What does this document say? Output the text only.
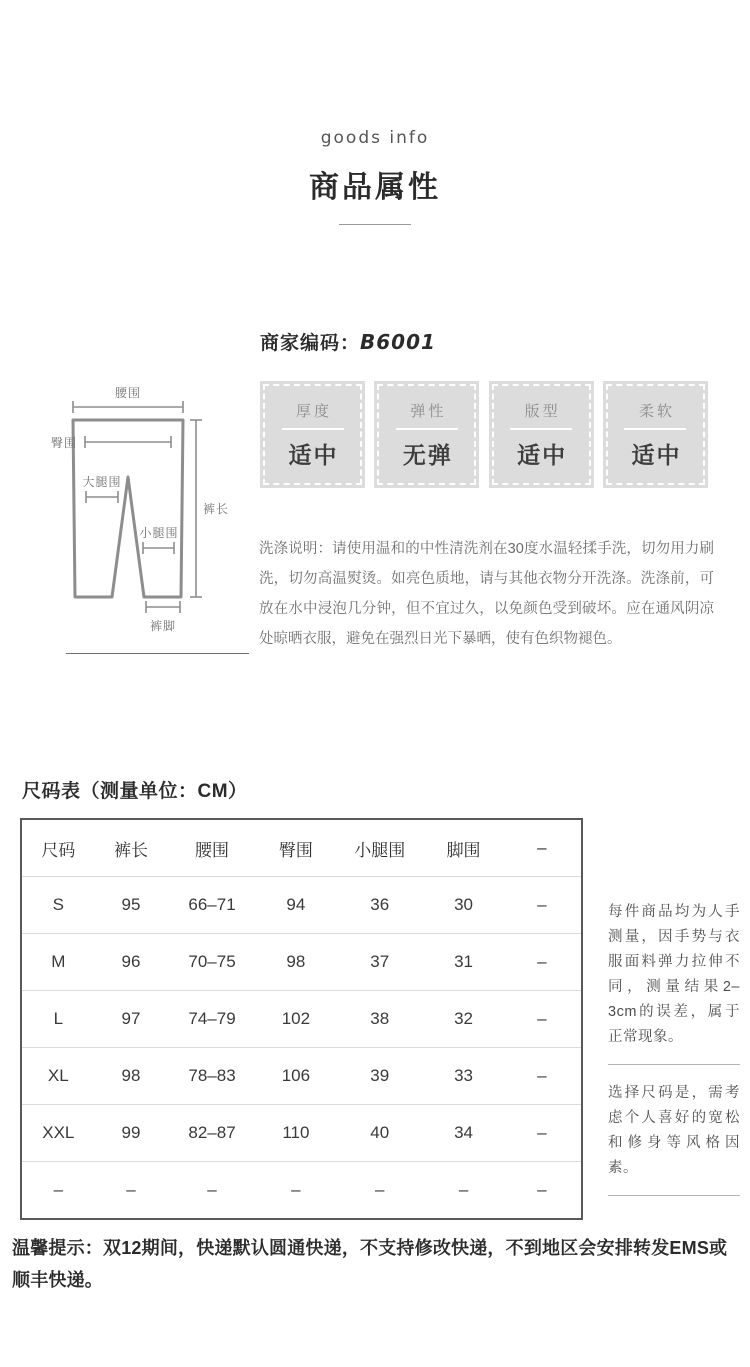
goods info
商品属性
商家编码：B6001
厚度
适中
弹性
无弹
版型
适中
柔软
适中
洗涤说明：请使用温和的中性清洗剂在30度水温轻揉手洗，切勿用力刷洗，切勿高温熨烫。如亮色质地，请与其他衣物分开洗涤。洗涤前，可放在水中浸泡几分钟，但不宜过久，以免颜色受到破坏。应在通风阴凉处晾晒衣服，避免在强烈日光下暴晒，使有色织物褪色。
腰围
臀围
大腿围
小腿围
裤长
裤脚
尺码表（测量单位：CM）
尺码	裤长	腰围	臀围	小腿围	脚围	–
S	95	66–71	94	36	30	–
M	96	70–75	98	37	31	–
L	97	74–79	102	38	32	–
XL	98	78–83	106	39	33	–
XXL	99	82–87	110	40	34	–
–	–	–	–	–	–	–
每件商品均为人手测量，因手势与衣服面料弹力拉伸不同，测量结果2–3cm的误差，属于正常现象。
选择尺码是，需考虑个人喜好的宽松和修身等风格因素。
温馨提示：双12期间，快递默认圆通快递，不支持修改快递，不到地区会安排转发EMS或顺丰快递。
